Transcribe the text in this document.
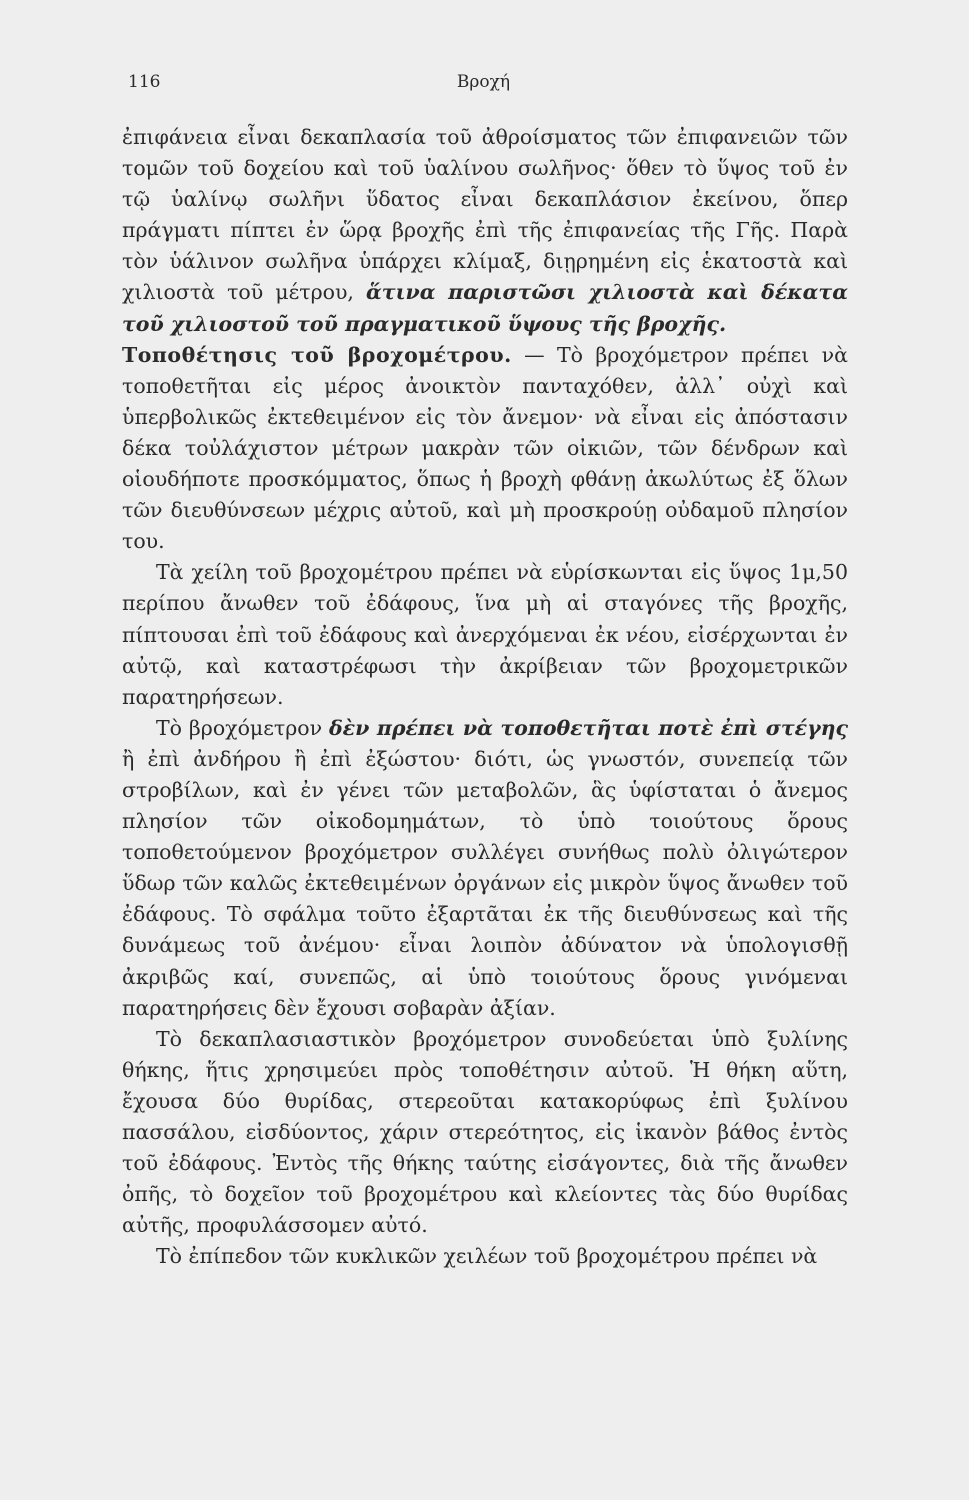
116	Βροχή

ἐπιφάνεια εἶναι δεκαπλασία τοῦ ἀθροίσματος τῶν ἐπιφανειῶν τῶν τομῶν τοῦ δοχείου καὶ τοῦ ὑαλίνου σωλῆνος· ὅθεν τὸ ὕψος τοῦ ἐν τῷ ὑαλίνῳ σωλῆνι ὕδατος εἶναι δεκαπλάσιον ἐκείνου, ὅπερ πράγματι πίπτει ἐν ὥρᾳ βροχῆς ἐπὶ τῆς ἐπιφανείας τῆς Γῆς. Παρὰ τὸν ὑάλινον σωλῆνα ὑπάρχει κλίμαξ, διῃρημένη εἰς ἑκατοστὰ καὶ χιλιοστὰ τοῦ μέτρου, ἅτινα παριστῶσι χιλιοστὰ καὶ δέκατα τοῦ χιλιοστοῦ τοῦ πραγματικοῦ ὕψους τῆς βροχῆς.

Τοποθέτησις τοῦ βροχομέτρου. — Τὸ βροχόμετρον πρέπει νὰ τοποθετῆται εἰς μέρος ἀνοικτὸν πανταχόθεν, ἀλλ᾽ οὐχὶ καὶ ὑπερβολικῶς ἐκτεθειμένον εἰς τὸν ἄνεμον· νὰ εἶναι εἰς ἀπόστασιν δέκα τοὐλάχιστον μέτρων μακρὰν τῶν οἰκιῶν, τῶν δένδρων καὶ οἱουδήποτε προσκόμματος, ὅπως ἡ βροχὴ φθάνῃ ἀκωλύτως ἐξ ὅλων τῶν διευθύνσεων μέχρις αὐτοῦ, καὶ μὴ προσκρούῃ οὐδαμοῦ πλησίον του.

Τὰ χείλη τοῦ βροχομέτρου πρέπει νὰ εὑρίσκωνται εἰς ὕψος 1μ,50 περίπου ἄνωθεν τοῦ ἐδάφους, ἵνα μὴ αἱ σταγόνες τῆς βροχῆς, πίπτουσαι ἐπὶ τοῦ ἐδάφους καὶ ἀνερχόμεναι ἐκ νέου, εἰσέρχωνται ἐν αὐτῷ, καὶ καταστρέφωσι τὴν ἀκρίβειαν τῶν βροχομετρικῶν παρατηρήσεων.

Τὸ βροχόμετρον δὲν πρέπει νὰ τοποθετῆται ποτὲ ἐπὶ στέγης ἢ ἐπὶ ἀνδήρου ἢ ἐπὶ ἐξώστου· διότι, ὡς γνωστόν, συνεπείᾳ τῶν στροβίλων, καὶ ἐν γένει τῶν μεταβολῶν, ἃς ὑφίσταται ὁ ἄνεμος πλησίον τῶν οἰκοδομημάτων, τὸ ὑπὸ τοιούτους ὅρους τοποθετούμενον βροχόμετρον συλλέγει συνήθως πολὺ ὀλιγώτερον ὕδωρ τῶν καλῶς ἐκτεθειμένων ὀργάνων εἰς μικρὸν ὕψος ἄνωθεν τοῦ ἐδάφους. Τὸ σφάλμα τοῦτο ἐξαρτᾶται ἐκ τῆς διευθύνσεως καὶ τῆς δυνάμεως τοῦ ἀνέμου· εἶναι λοιπὸν ἀδύνατον νὰ ὑπολογισθῇ ἀκριβῶς καί, συνεπῶς, αἱ ὑπὸ τοιούτους ὅρους γινόμεναι παρατηρήσεις δὲν ἔχουσι σοβαρὰν ἀξίαν.

Τὸ δεκαπλασιαστικὸν βροχόμετρον συνοδεύεται ὑπὸ ξυλίνης θήκης, ἥτις χρησιμεύει πρὸς τοποθέτησιν αὐτοῦ. Ἡ θήκη αὕτη, ἔχουσα δύο θυρίδας, στερεοῦται κατακορύφως ἐπὶ ξυλίνου πασσάλου, εἰσδύοντος, χάριν στερεότητος, εἰς ἱκανὸν βάθος ἐντὸς τοῦ ἐδάφους. Ἐντὸς τῆς θήκης ταύτης εἰσάγοντες, διὰ τῆς ἄνωθεν ὀπῆς, τὸ δοχεῖον τοῦ βροχομέτρου καὶ κλείοντες τὰς δύο θυρίδας αὐτῆς, προφυλάσσομεν αὐτό.

Τὸ ἐπίπεδον τῶν κυκλικῶν χειλέων τοῦ βροχομέτρου πρέπει νὰ
